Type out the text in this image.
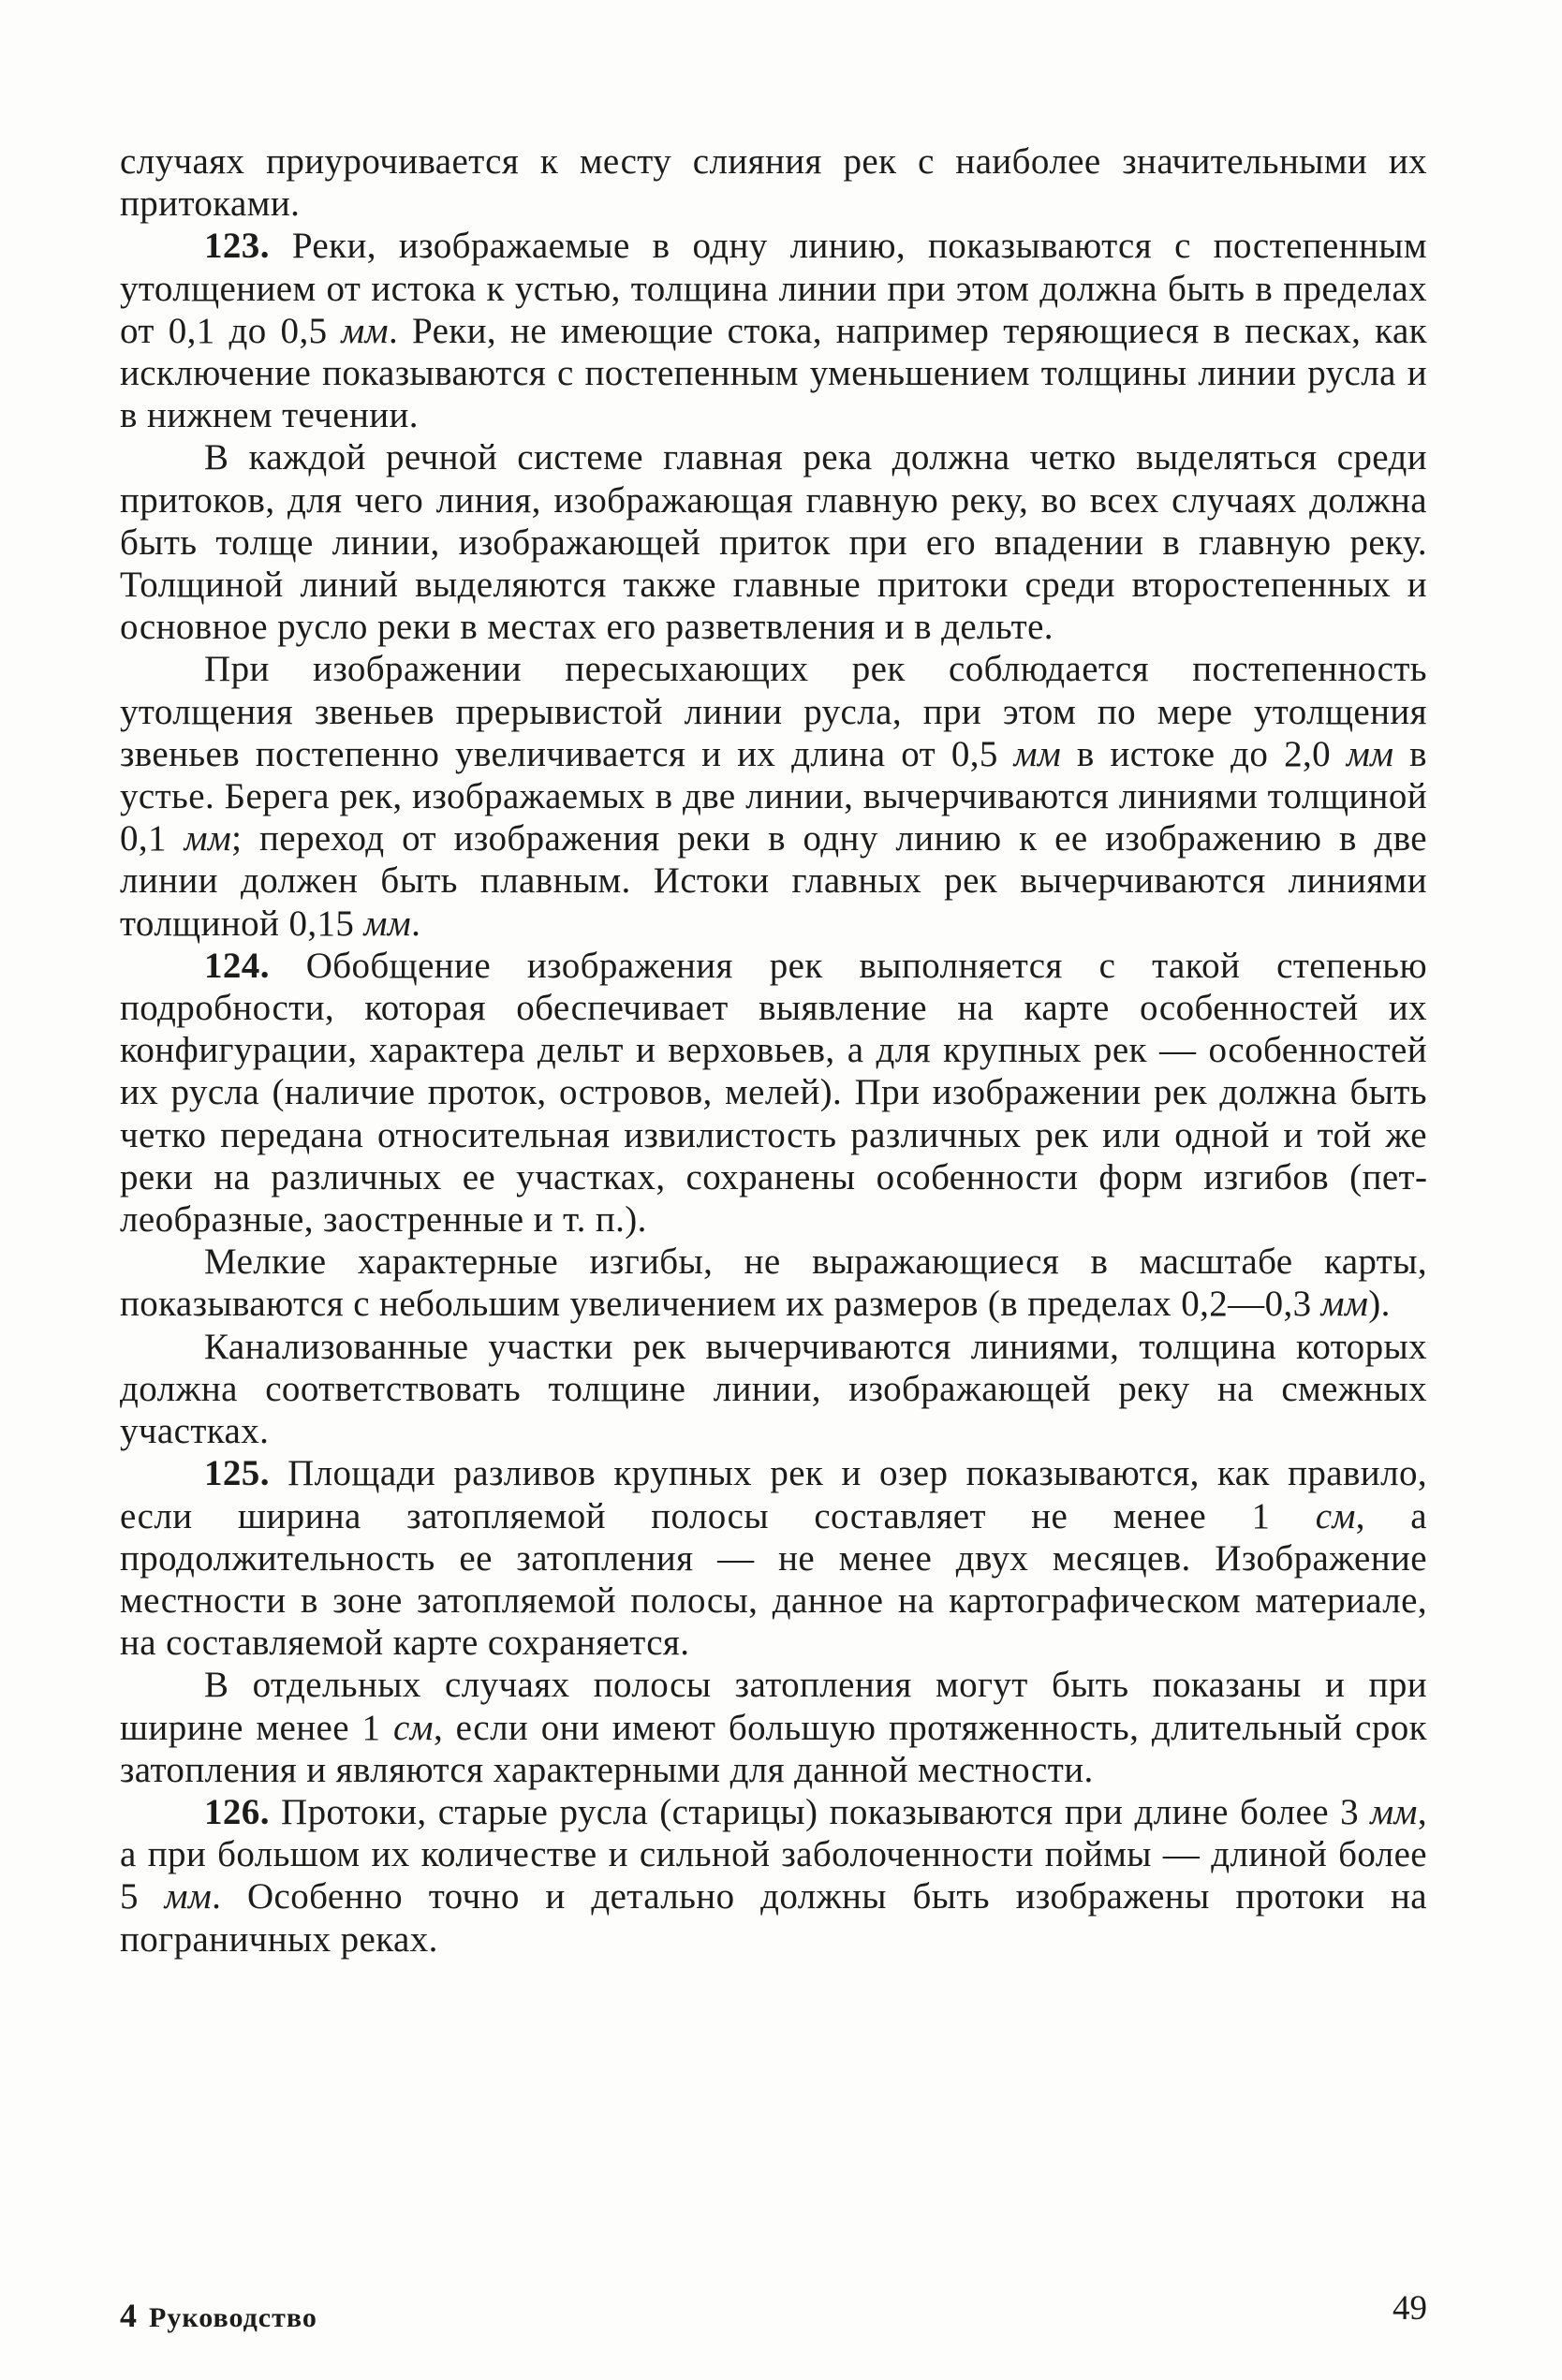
случаях приурочивается к месту слияния рек с наиболее значительными их притоками.

123. Реки, изображаемые в одну линию, показываются с постепенным утолщением от истока к устью, толщина линии при этом должна быть в пределах от 0,1 до 0,5 мм. Реки, не имеющие стока, например теряющиеся в песках, как исключение показываются с постепенным уменьшением толщины линии русла и в нижнем течении.

В каждой речной системе главная река должна четко выделяться среди притоков, для чего линия, изображающая главную реку, во всех случаях должна быть толще линии, изображающей приток при его впадении в главную реку. Толщиной линий выделяются также главные притоки среди второстепенных и основное русло реки в местах его разветвления и в дельте.

При изображении пересыхающих рек соблюдается постепенность утолщения звеньев прерывистой линии русла, при этом по мере утолщения звеньев постепенно увеличивается и их длина от 0,5 мм в истоке до 2,0 мм в устье. Берега рек, изображаемых в две линии, вычерчиваются линиями толщиной 0,1 мм; переход от изображения реки в одну линию к ее изображению в две линии должен быть плавным. Истоки главных рек вычерчиваются линиями толщиной 0,15 мм.

124. Обобщение изображения рек выполняется с такой степенью подробности, которая обеспечивает выявление на карте особенностей их конфигурации, характера дельт и верховьев, а для крупных рек — особенностей их русла (наличие проток, островов, мелей). При изображении рек должна быть четко передана относительная извилистость различных рек или одной и той же реки на различных ее участках, сохранены особенности форм изгибов (петлеобразные, заостренные и т. п.).

Мелкие характерные изгибы, не выражающиеся в масштабе карты, показываются с небольшим увеличением их размеров (в пределах 0,2—0,3 мм).

Канализованные участки рек вычерчиваются линиями, толщина которых должна соответствовать толщине линии, изображающей реку на смежных участках.

125. Площади разливов крупных рек и озер показываются, как правило, если ширина затопляемой полосы составляет не менее 1 см, а продолжительность ее затопления — не менее двух месяцев. Изображение местности в зоне затопляемой полосы, данное на картографическом материале, на составляемой карте сохраняется.

В отдельных случаях полосы затопления могут быть показаны и при ширине менее 1 см, если они имеют большую протяженность, длительный срок затопления и являются характерными для данной местности.

126. Протоки, старые русла (старицы) показываются при длине более 3 мм, а при большом их количестве и сильной заболоченности поймы — длиной более 5 мм. Особенно точно и детально должны быть изображены протоки на пограничных реках.

4 Руководство	49
